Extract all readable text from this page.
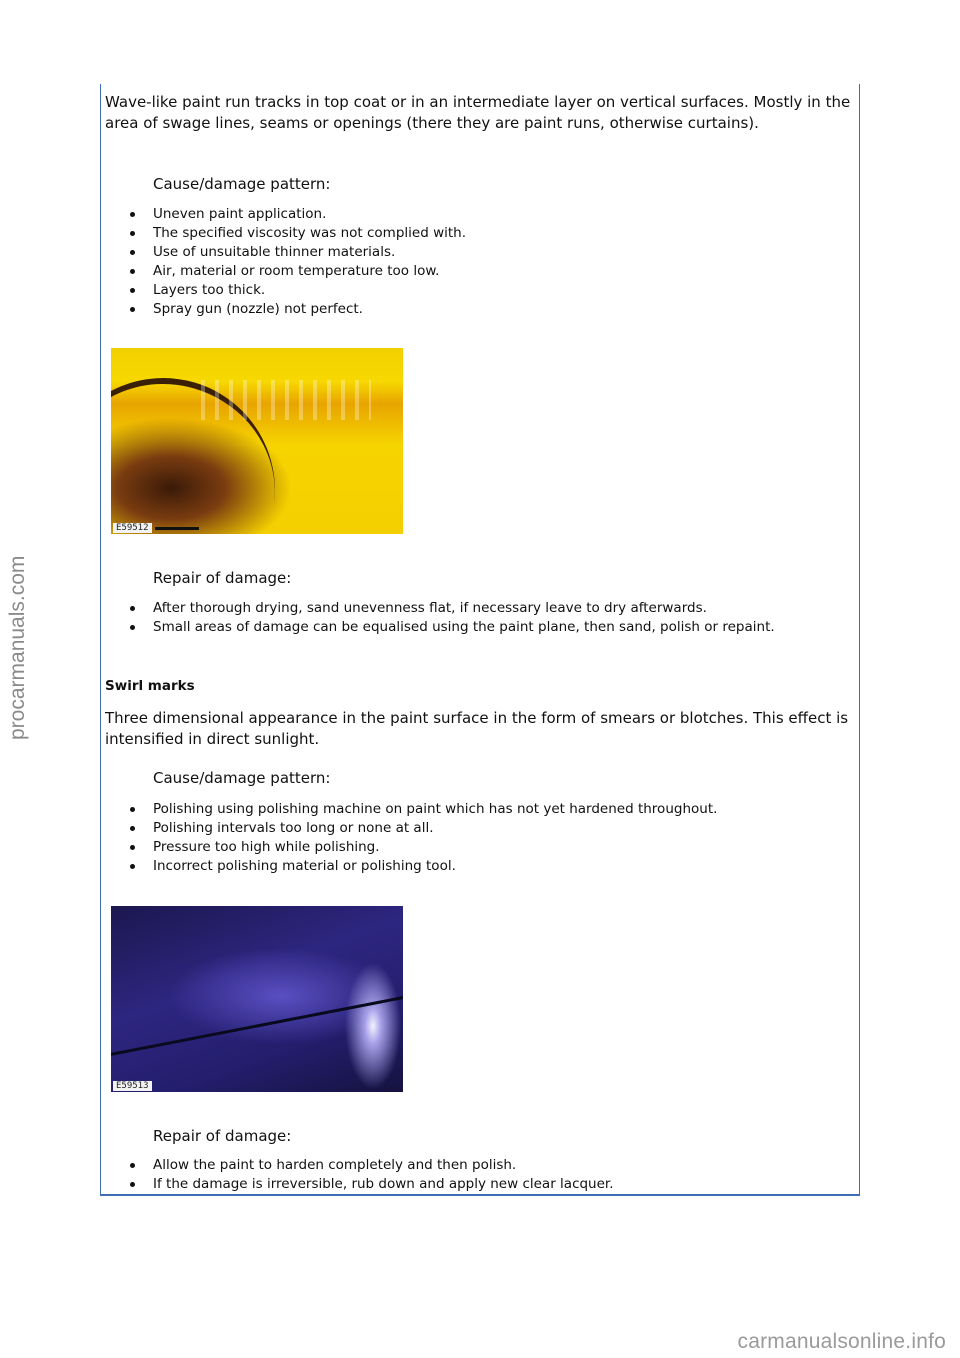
procarmanuals.com

Wave-like paint run tracks in top coat or in an intermediate layer on vertical surfaces. Mostly in the area of swage lines, seams or openings (there they are paint runs, otherwise curtains).

Cause/damage pattern:

Uneven paint application.
The specified viscosity was not complied with.
Use of unsuitable thinner materials.
Air, material or room temperature too low.
Layers too thick.
Spray gun (nozzle) not perfect.
E59512

Repair of damage:

After thorough drying, sand unevenness flat, if necessary leave to dry afterwards.
Small areas of damage can be equalised using the paint plane, then sand, polish or repaint.

Swirl marks

Three dimensional appearance in the paint surface in the form of smears or blotches. This effect is intensified in direct sunlight.

Cause/damage pattern:

Polishing using polishing machine on paint which has not yet hardened throughout.
Polishing intervals too long or none at all.
Pressure too high while polishing.
Incorrect polishing material or polishing tool.
E59513

Repair of damage:

Allow the paint to harden completely and then polish.
If the damage is irreversible, rub down and apply new clear lacquer.
carmanualsonline.info
